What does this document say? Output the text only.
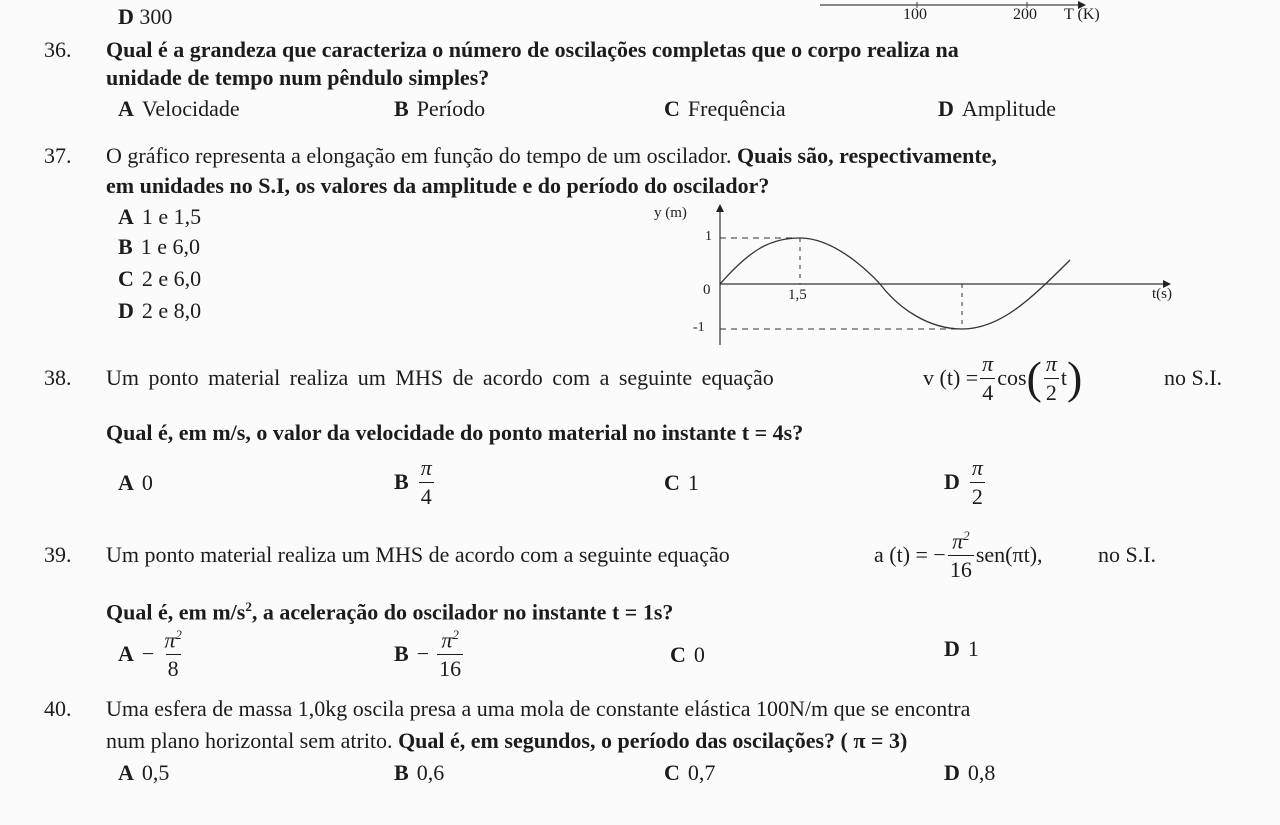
D 300	100	200 T (K)
36. Qual é a grandeza que caracteriza o número de oscilações completas que o corpo realiza na
unidade de tempo num pêndulo simples?
A Velocidade	B Período	C Frequência	D Amplitude
37. O gráfico representa a elongação em função do tempo de um oscilador. Quais são, respectivamente,
em unidades no S.I, os valores da amplitude e do período do oscilador?
A 1 e 1,5
B 1 e 6,0
C 2 e 6,0
D 2 e 8,0
y (m)
1
0
-1
1,5	t(s)
38. Um ponto material realiza um MHS de acordo com a seguinte equação	v $(t) = \frac{\pi}{4}$ cos ( $\frac{\pi}{2}$ t )	no S.I.
Qual é, em m/s, o valor da velocidade do ponto material no instante t = 4s?
A 0	B $\frac{\pi}{4}$	C 1	D $\frac{\pi}{2}$
39. Um ponto material realiza um MHS de acordo com a seguinte equação	a (t) = − $\frac{\pi^2}{16} sen(\pi t)$,	no S.I.
Qual é, em $m/s^2$, a aceleração do oscilador no instante t = 1s?
$A - \frac{\pi^2}{8}$	$B - \frac{\pi^2}{16}$	C 0	D 1
40. Uma esfera de massa 1,0kg oscila presa a uma mola de constante elástica 100N/m que se encontra
num plano horizontal sem atrito. Qual é, em segundos, o período das oscilações? ( π = 3)
A 0,5	B 0,6	C 0,7	D 0,8
